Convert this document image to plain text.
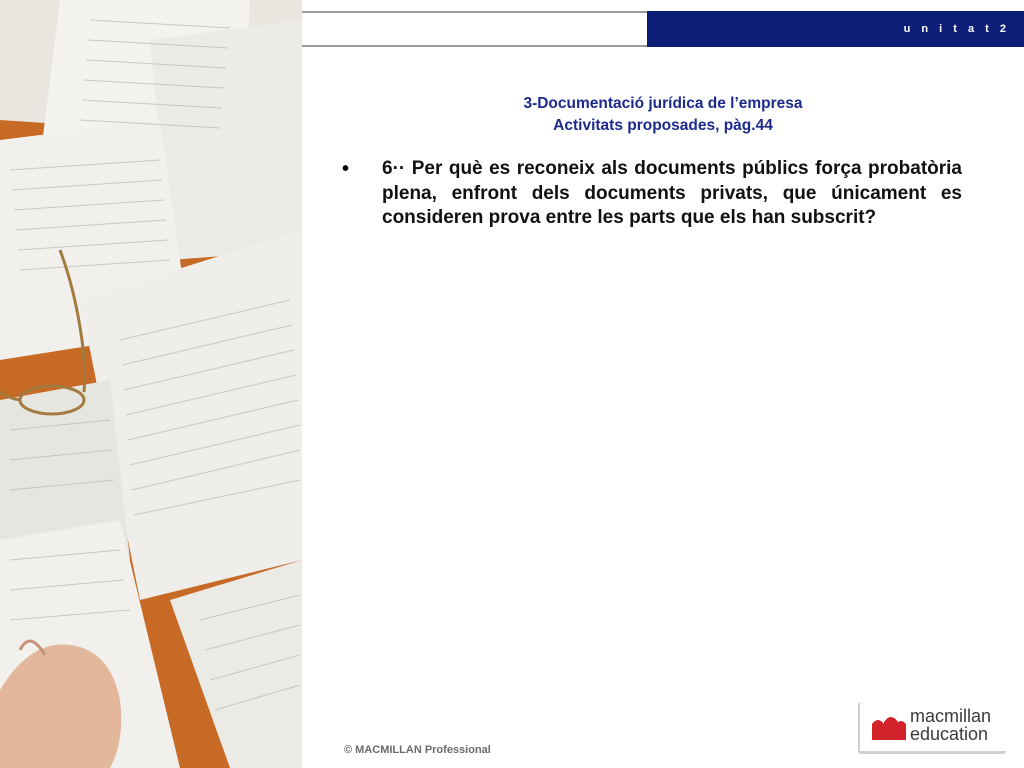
u n i t a t 2
3-Documentació jurídica de l’empresa
Activitats proposades, pàg.44
• 6·· Per què es reconeix als documents públics força probatòria plena, enfront dels documents privats, que únicament es consideren prova entre les parts que els han subscrit?
© MACMILLAN Professional
macmillan
education
